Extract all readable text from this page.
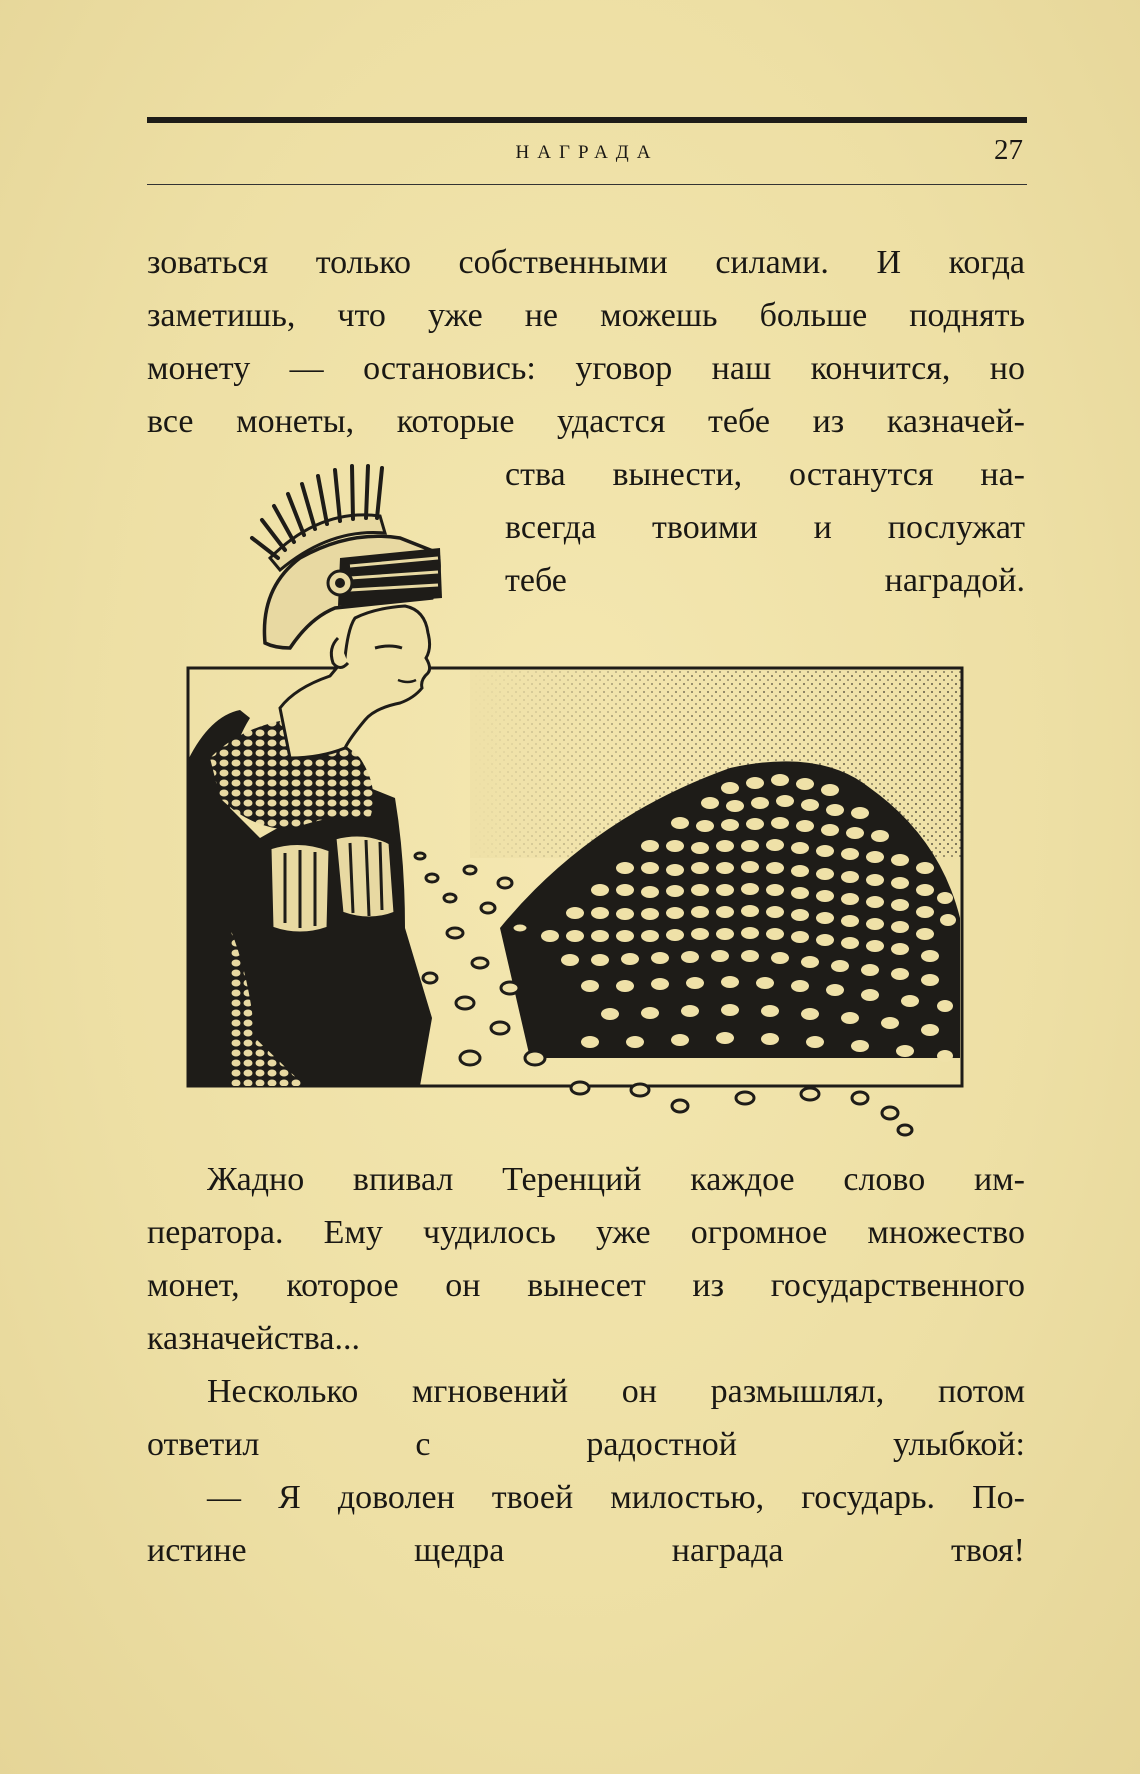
НАГРАДА	27
зоваться только собственными силами. И когда
заметишь, что уже не можешь больше поднять
монету — остановись: уговор наш кончится, но
все монеты, которые удастся тебе из казначей-
ства вынести, останутся на-
всегда твоими и послужат
тебе наградой.
Жадно впивал Теренций каждое слово им-
ператора. Ему чудилось уже огромное множество
монет, которое он вынесет из государственного
казначейства...
Несколько мгновений он размышлял, потом
ответил с радостной улыбкой:
— Я доволен твоей милостью, государь. По-
истине щедра награда твоя!
